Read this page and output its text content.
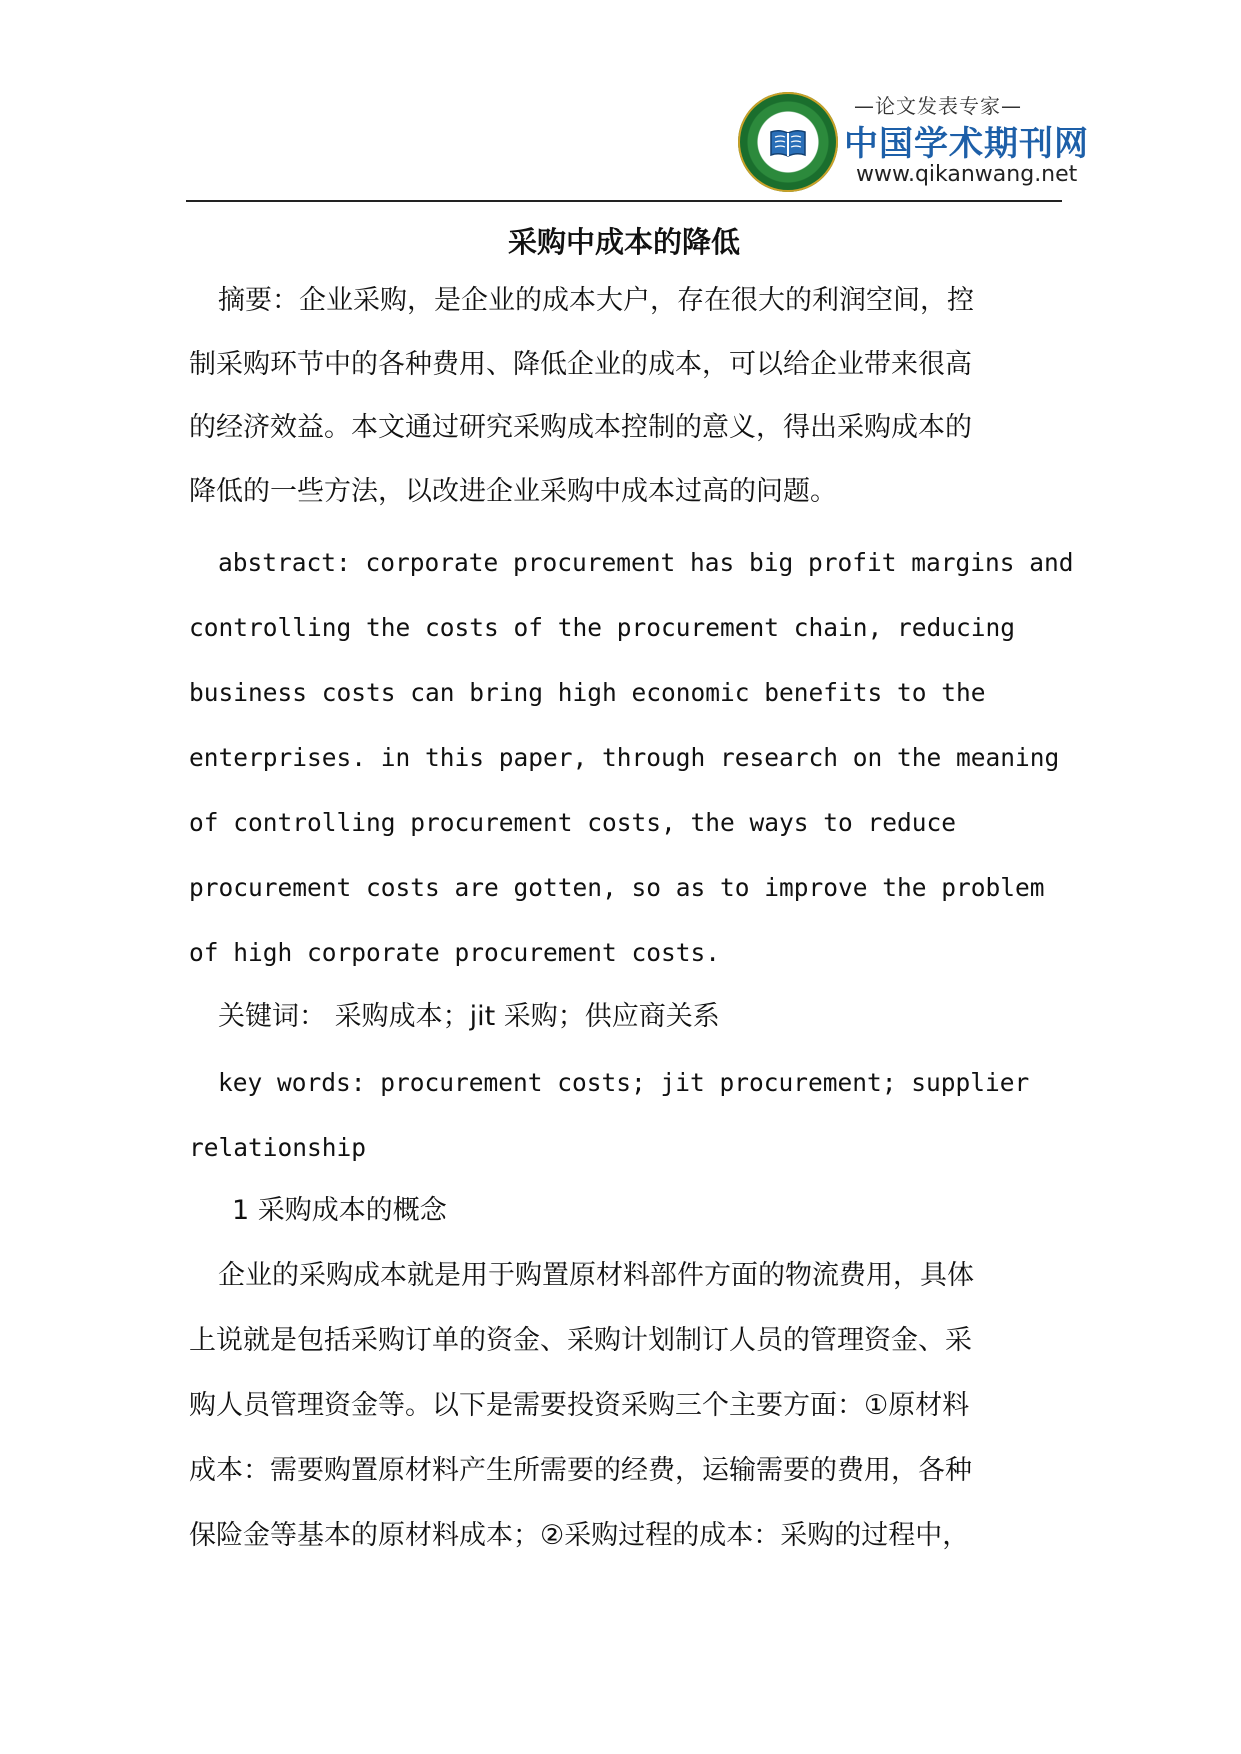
—论文发表专家—
中国学术期刊网
www.qikanwang.net
采购中成本的降低
摘要：企业采购，是企业的成本大户，存在很大的利润空间，控
制采购环节中的各种费用、降低企业的成本，可以给企业带来很高
的经济效益。本文通过研究采购成本控制的意义，得出采购成本的
降低的一些方法，以改进企业采购中成本过高的问题。
abstract: corporate procurement has big profit margins and
controlling the costs of the procurement chain, reducing
business costs can bring high economic benefits to the
enterprises. in this paper, through research on the meaning
of controlling procurement costs, the ways to reduce
procurement costs are gotten, so as to improve the problem
of high corporate procurement costs.
关键词： 采购成本；jit 采购；供应商关系
key words: procurement costs; jit procurement; supplier
relationship
1 采购成本的概念
企业的采购成本就是用于购置原材料部件方面的物流费用，具体
上说就是包括采购订单的资金、采购计划制订人员的管理资金、采
购人员管理资金等。以下是需要投资采购三个主要方面：①原材料
成本：需要购置原材料产生所需要的经费，运输需要的费用，各种
保险金等基本的原材料成本；②采购过程的成本：采购的过程中，
